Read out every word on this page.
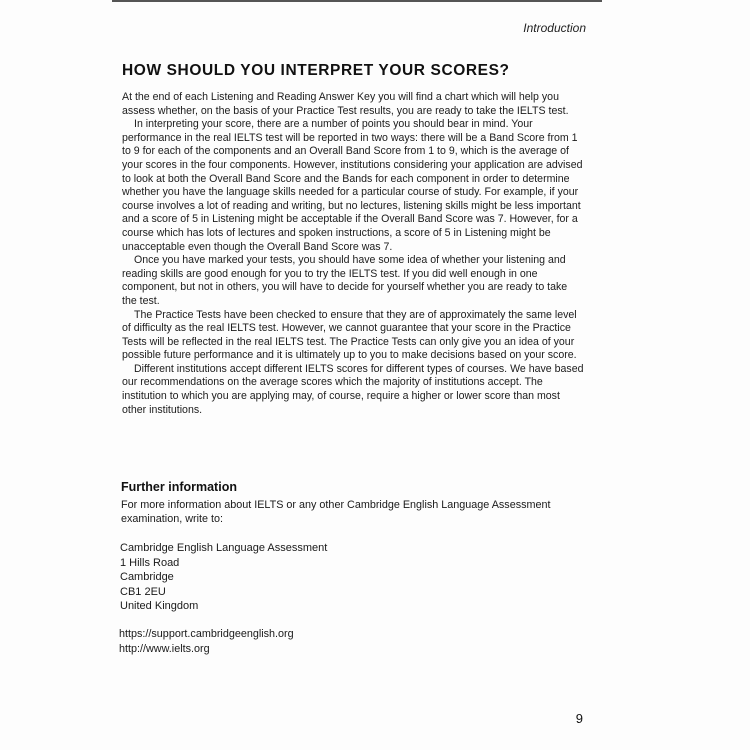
Introduction
HOW SHOULD YOU INTERPRET YOUR SCORES?

At the end of each Listening and Reading Answer Key you will find a chart which will help you assess whether, on the basis of your Practice Test results, you are ready to take the IELTS test.

In interpreting your score, there are a number of points you should bear in mind. Your performance in the real IELTS test will be reported in two ways: there will be a Band Score from 1 to 9 for each of the components and an Overall Band Score from 1 to 9, which is the average of your scores in the four components. However, institutions considering your application are advised to look at both the Overall Band Score and the Bands for each component in order to determine whether you have the language skills needed for a particular course of study. For example, if your course involves a lot of reading and writing, but no lectures, listening skills might be less important and a score of 5 in Listening might be acceptable if the Overall Band Score was 7. However, for a course which has lots of lectures and spoken instructions, a score of 5 in Listening might be unacceptable even though the Overall Band Score was 7.

Once you have marked your tests, you should have some idea of whether your listening and reading skills are good enough for you to try the IELTS test. If you did well enough in one component, but not in others, you will have to decide for yourself whether you are ready to take the test.

The Practice Tests have been checked to ensure that they are of approximately the same level of difficulty as the real IELTS test. However, we cannot guarantee that your score in the Practice Tests will be reflected in the real IELTS test. The Practice Tests can only give you an idea of your possible future performance and it is ultimately up to you to make decisions based on your score.

Different institutions accept different IELTS scores for different types of courses. We have based our recommendations on the average scores which the majority of institutions accept. The institution to which you are applying may, of course, require a higher or lower score than most other institutions.

Further information

For more information about IELTS or any other Cambridge English Language Assessment examination, write to:

Cambridge English Language Assessment
1 Hills Road
Cambridge
CB1 2EU
United Kingdom
https://support.cambridgeenglish.org
http://www.ielts.org
9
